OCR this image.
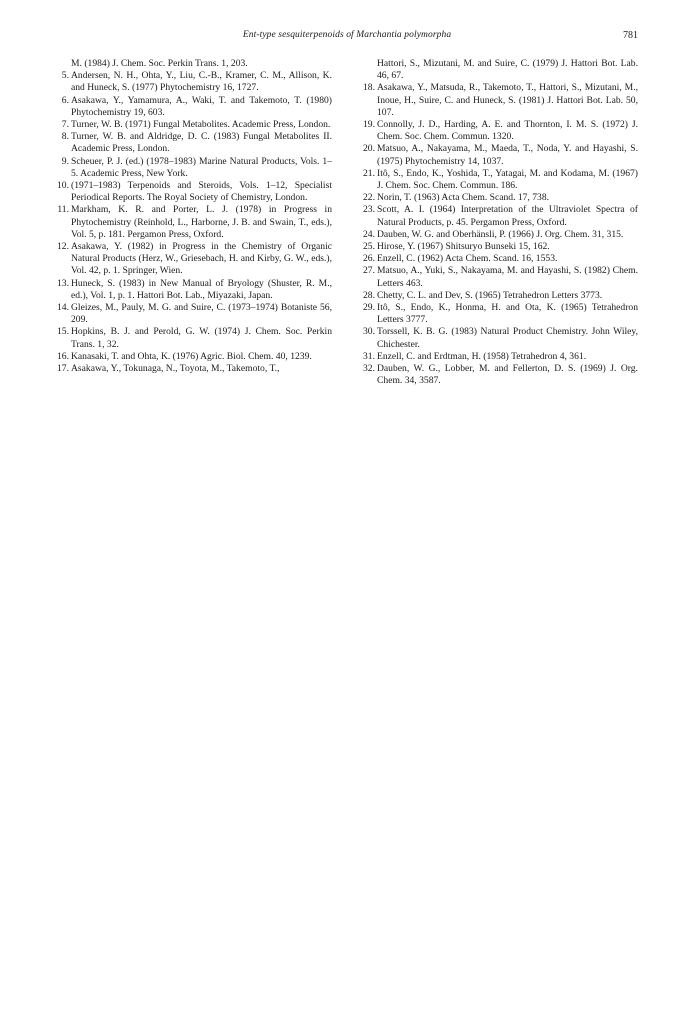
Ent-type sesquiterpenoids of Marchantia polymorpha	781

M. (1984) J. Chem. Soc. Perkin Trans. 1, 203.

5. Andersen, N. H., Ohta, Y., Liu, C.-B., Kramer, C. M., Allison, K. and Huneck, S. (1977) Phytochemistry 16, 1727.

6. Asakawa, Y., Yamamura, A., Waki, T. and Takemoto, T. (1980) Phytochemistry 19, 603.

7. Turner, W. B. (1971) Fungal Metabolites. Academic Press, London.

8. Turner, W. B. and Aldridge, D. C. (1983) Fungal Metabolites II. Academic Press, London.

9. Scheuer, P. J. (ed.) (1978–1983) Marine Natural Products, Vols. 1–5. Academic Press, New York.

10. (1971–1983) Terpenoids and Steroids, Vols. 1–12, Specialist Periodical Reports. The Royal Society of Chemistry, London.

11. Markham, K. R. and Porter, L. J. (1978) in Progress in Phytochemistry (Reinhold, L., Harborne, J. B. and Swain, T., eds.), Vol. 5, p. 181. Pergamon Press, Oxford.

12. Asakawa, Y. (1982) in Progress in the Chemistry of Organic Natural Products (Herz, W., Griesebach, H. and Kirby, G. W., eds.), Vol. 42, p. 1. Springer, Wien.

13. Huneck, S. (1983) in New Manual of Bryology (Shuster, R. M., ed.), Vol. 1, p. 1. Hattori Bot. Lab., Miyazaki, Japan.

14. Gleizes, M., Pauly, M. G. and Suire, C. (1973–1974) Botaniste 56, 209.

15. Hopkins, B. J. and Perold, G. W. (1974) J. Chem. Soc. Perkin Trans. 1, 32.

16. Kanasaki, T. and Ohta, K. (1976) Agric. Biol. Chem. 40, 1239.

17. Asakawa, Y., Tokunaga, N., Toyota, M., Takemoto, T.,

Hattori, S., Mizutani, M. and Suire, C. (1979) J. Hattori Bot. Lab. 46, 67.

18. Asakawa, Y., Matsuda, R., Takemoto, T., Hattori, S., Mizutani, M., Inoue, H., Suire, C. and Huneck, S. (1981) J. Hattori Bot. Lab. 50, 107.

19. Connolly, J. D., Harding, A. E. and Thornton, I. M. S. (1972) J. Chem. Soc. Chem. Commun. 1320.

20. Matsuo, A., Nakayama, M., Maeda, T., Noda, Y. and Hayashi, S. (1975) Phytochemistry 14, 1037.

21. Itô, S., Endo, K., Yoshida, T., Yatagai, M. and Kodama, M. (1967) J. Chem. Soc. Chem. Commun. 186.

22. Norin, T. (1963) Acta Chem. Scand. 17, 738.

23. Scott, A. I. (1964) Interpretation of the Ultraviolet Spectra of Natural Products, p. 45. Pergamon Press, Oxford.

24. Dauben, W. G. and Oberhänsli, P. (1966) J. Org. Chem. 31, 315.

25. Hirose, Y. (1967) Shitsuryo Bunseki 15, 162.

26. Enzell, C. (1962) Acta Chem. Scand. 16, 1553.

27. Matsuo, A., Yuki, S., Nakayama, M. and Hayashi, S. (1982) Chem. Letters 463.

28. Chetty, C. L. and Dev, S. (1965) Tetrahedron Letters 3773.

29. Itô, S., Endo, K., Honma, H. and Ota, K. (1965) Tetrahedron Letters 3777.

30. Torssell, K. B. G. (1983) Natural Product Chemistry. John Wiley, Chichester.

31. Enzell, C. and Erdtman, H. (1958) Tetrahedron 4, 361.

32. Dauben, W. G., Lobber, M. and Fellerton, D. S. (1969) J. Org. Chem. 34, 3587.
